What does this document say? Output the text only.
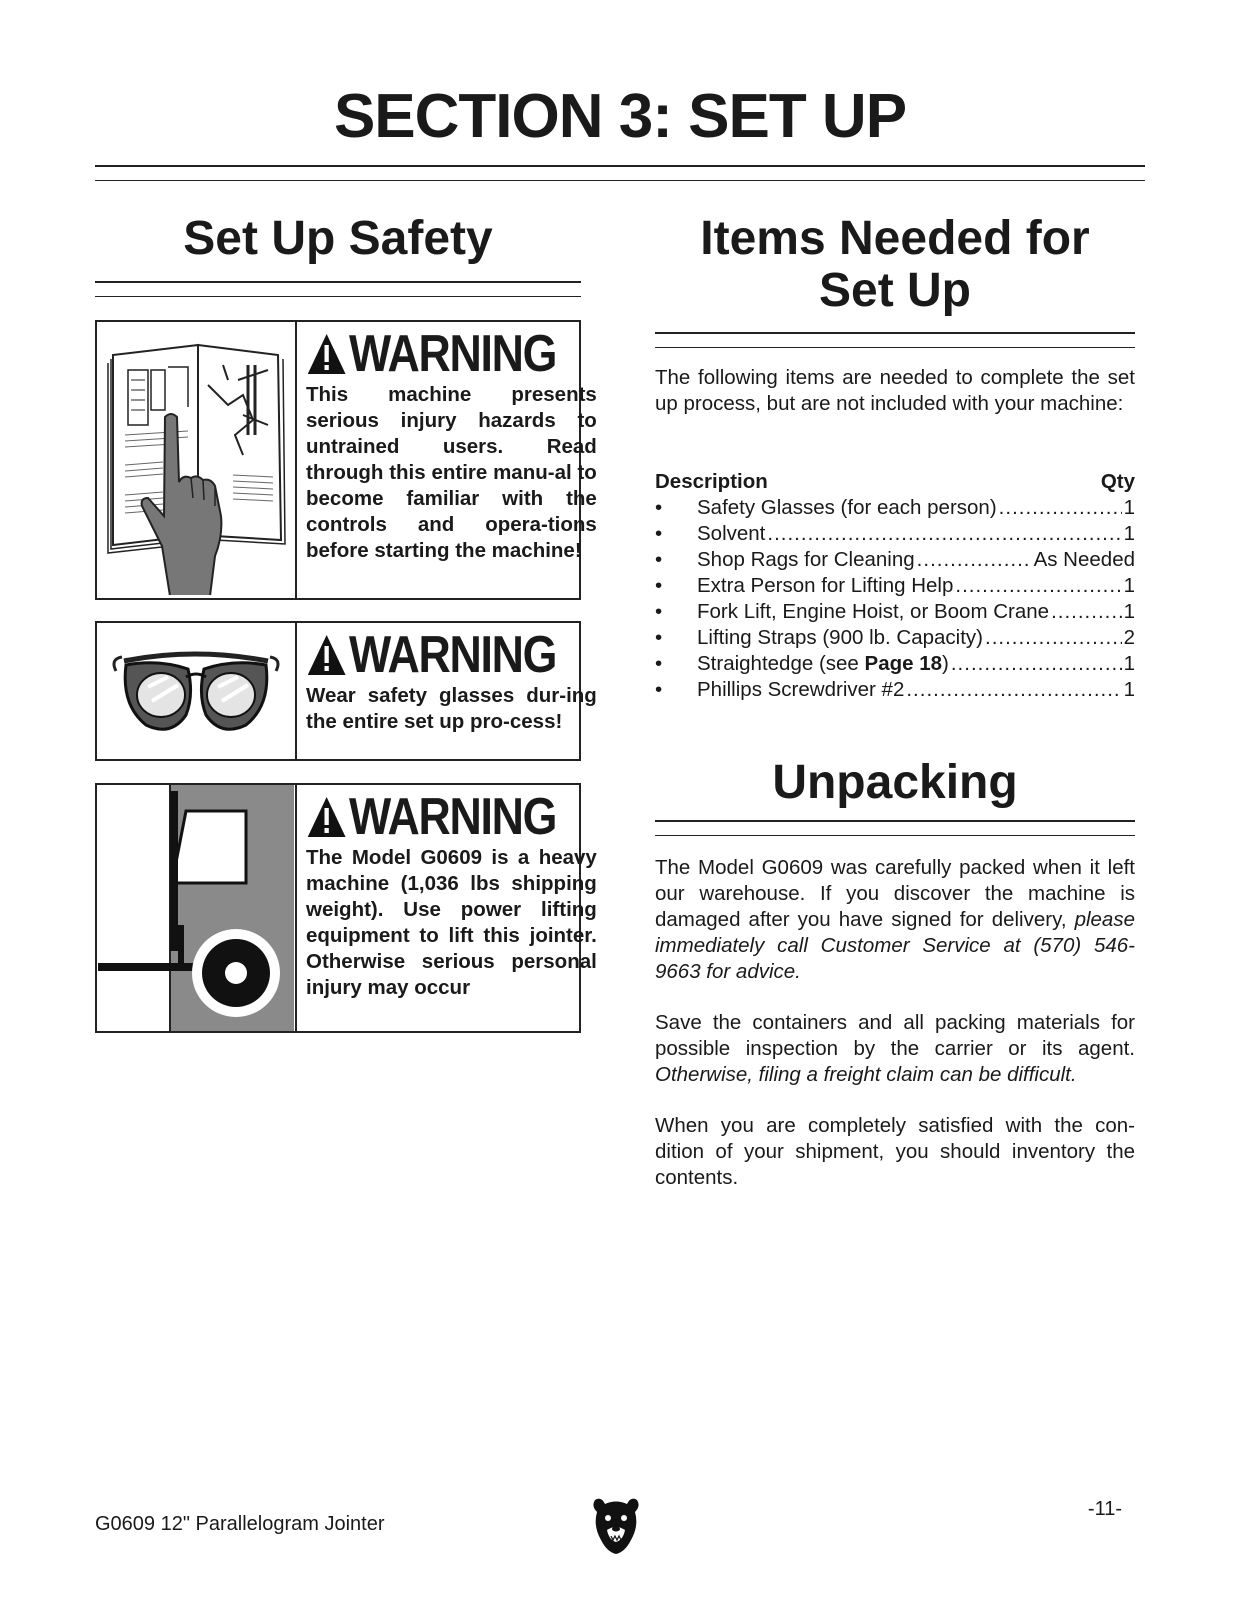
SECTION 3: SET UP
Set Up Safety
WARNING
This machine presents serious injury hazards to untrained users. Read through this entire manu-al to become familiar with the controls and opera-tions before starting the machine!
WARNING
Wear safety glasses dur-ing the entire set up pro-cess!
WARNING
The Model G0609 is a heavy machine (1,036 lbs shipping weight). Use power lifting equipment to lift this jointer. Otherwise serious personal injury may occur
Items Needed for
Set Up

The following items are needed to complete the set up process, but are not included with your machine:

Description	Qty
•	Safety Glasses (for each person) .....	1
•	Solvent .....	1
•	Shop Rags for Cleaning .....	As Needed
•	Extra Person for Lifting Help .....	1
•	Fork Lift, Engine Hoist, or Boom Crane .....	1
•	Lifting Straps (900 lb. Capacity) .....	2
•	Straightedge (see Page 18) .....	1
•	Phillips Screwdriver #2 .....	1
Unpacking

The Model G0609 was carefully packed when it left our warehouse. If you discover the machine is damaged after you have signed for delivery, please immediately call Customer Service at (570) 546-9663 for advice.

Save the containers and all packing materials for possible inspection by the carrier or its agent. Otherwise, filing a freight claim can be difficult.

When you are completely satisfied with the con-dition of your shipment, you should inventory the contents.

G0609 12" Parallelogram Jointer
-11-
